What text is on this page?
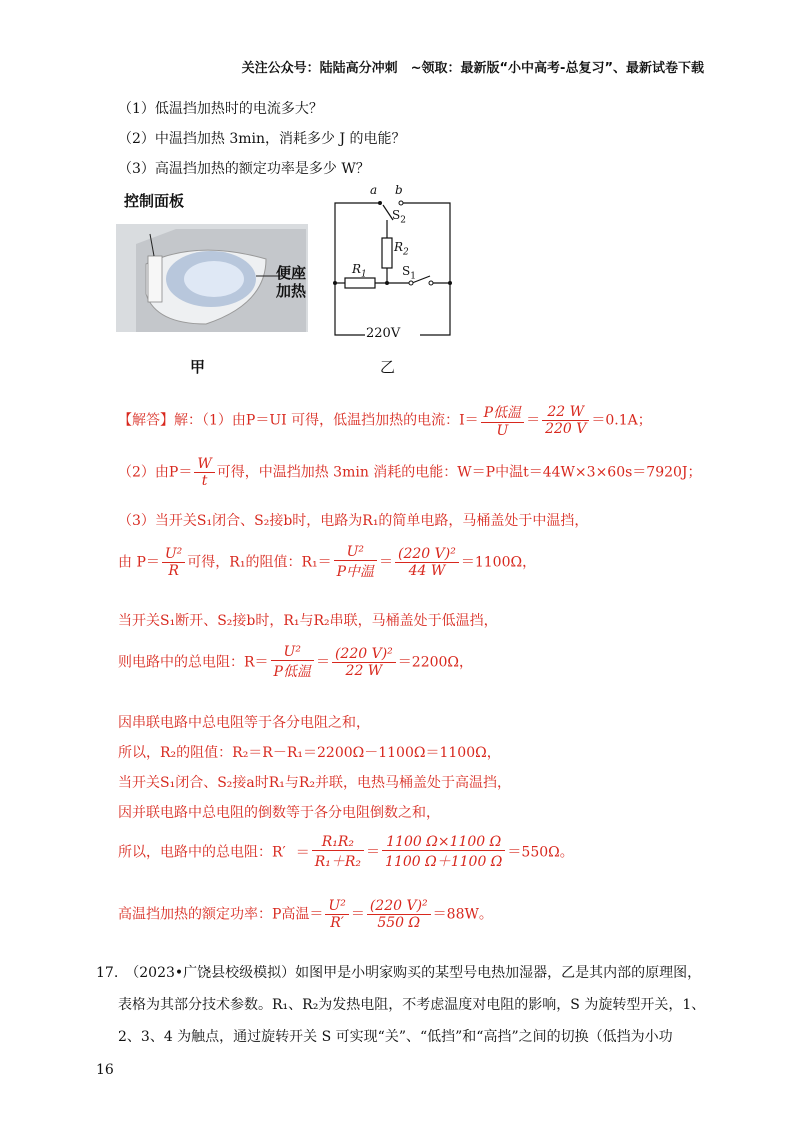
关注公众号：陆陆高分冲刺　~领取：最新版“小中高考-总复习”、最新试卷下载
（1）低温挡加热时的电流多大？
（2）中温挡加热 3min，消耗多少 J 的电能？
（3）高温挡加热的额定功率是多少 W？
控制面板
便座
加热
甲
a b
$S_2$
$R_2$
$R_1$	$S_1$
220V
乙
【解答】解：（1）由P＝UI 可得，低温挡加热的电流：$I= \frac{\text{P低温}}{U} = \frac{22 W}{220 V} =0.1A$；
（2）由$P= \frac{W}{t}$ 可得，中温挡加热 3min 消耗的电能：W＝P中温t＝44W×3×60s＝7920J；
（3）当开关S₁闭合、S₂接b时，电路为R₁的简单电路，马桶盖处于中温挡，
由 $P= \frac{\text{U²}}{R}$ 可得，R₁的阻值：$R_1= \frac{\text{U²}}{\text{P中温}} = \frac{\text{(220 V)²}}{44 W} =1100\Omega$，
当开关S₁断开、S₂接b时，R₁与R₂串联，马桶盖处于低温挡，
则电路中的总电阻：$R= \frac{\text{U²}}{\text{P低温}} = \frac{\text{(220 V)²}}{22 W} =2200\Omega$，
因串联电路中总电阻等于各分电阻之和，
所以，R₂的阻值：R₂＝R－R₁＝2200Ω－1100Ω＝1100Ω，
当开关S₁闭合、S₂接a时R₁与R₂并联，电热马桶盖处于高温挡，
因并联电路中总电阻的倒数等于各分电阻倒数之和，
所以，电路中的总电阻：$R' = \frac{\text{R₁R₂}}{\text{R₁＋R₂}} = \frac{1100 \Omega\times 1100 \Omega}{1100 \Omega+1100 \Omega} =550\Omega$。
高温挡加热的额定功率：P高温＝ $\frac{\text{U²}}{R'} = \frac{\text{(220 V)²}}{550 \Omega} =88W$。
17.　（2023•广饶县校级模拟）如图甲是小明家购买的某型号电热加湿器，乙是其内部的原理图，
表格为其部分技术参数。R₁、R₂为发热电阻，不考虑温度对电阻的影响，S 为旋转型开关，1、
2、3、4 为触点，通过旋转开关 S 可实现“关”、“低挡”和“高挡”之间的切换（低挡为小功
16
